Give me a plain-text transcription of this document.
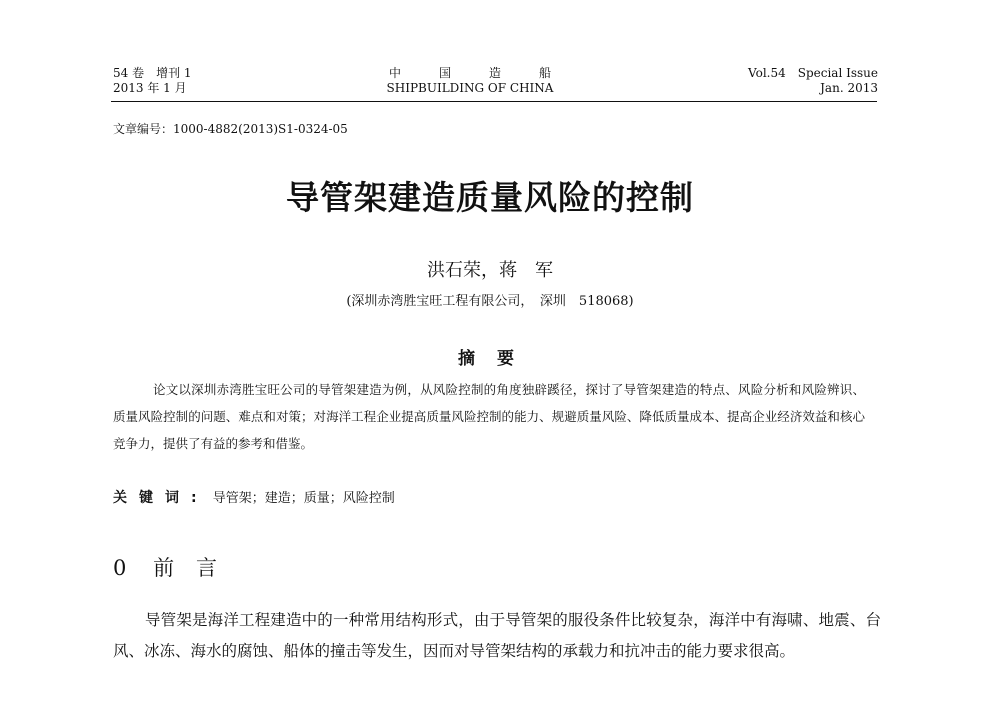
54 卷　增刊 1
2013 年 1 月
中国造船
SHIPBUILDING OF CHINA
Vol.54　Special Issue
Jan. 2013
文章编号：1000-4882(2013)S1-0324-05
导管架建造质量风险的控制
洪石荣，蒋　军
(深圳赤湾胜宝旺工程有限公司，　深圳　518068)
摘 要
论文以深圳赤湾胜宝旺公司的导管架建造为例，从风险控制的角度独辟蹊径，探讨了导管架建造的特点、风险分析和风险辨识、质量风险控制的问题、难点和对策；对海洋工程企业提高质量风险控制的能力、规避质量风险、降低质量成本、提高企业经济效益和核心竞争力，提供了有益的参考和借鉴。
关键词: 导管架；建造；质量；风险控制
0 前言
导管架是海洋工程建造中的一种常用结构形式，由于导管架的服役条件比较复杂，海洋中有海啸、地震、台风、冰冻、海水的腐蚀、船体的撞击等发生，因而对导管架结构的承载力和抗冲击的能力要求很高。
